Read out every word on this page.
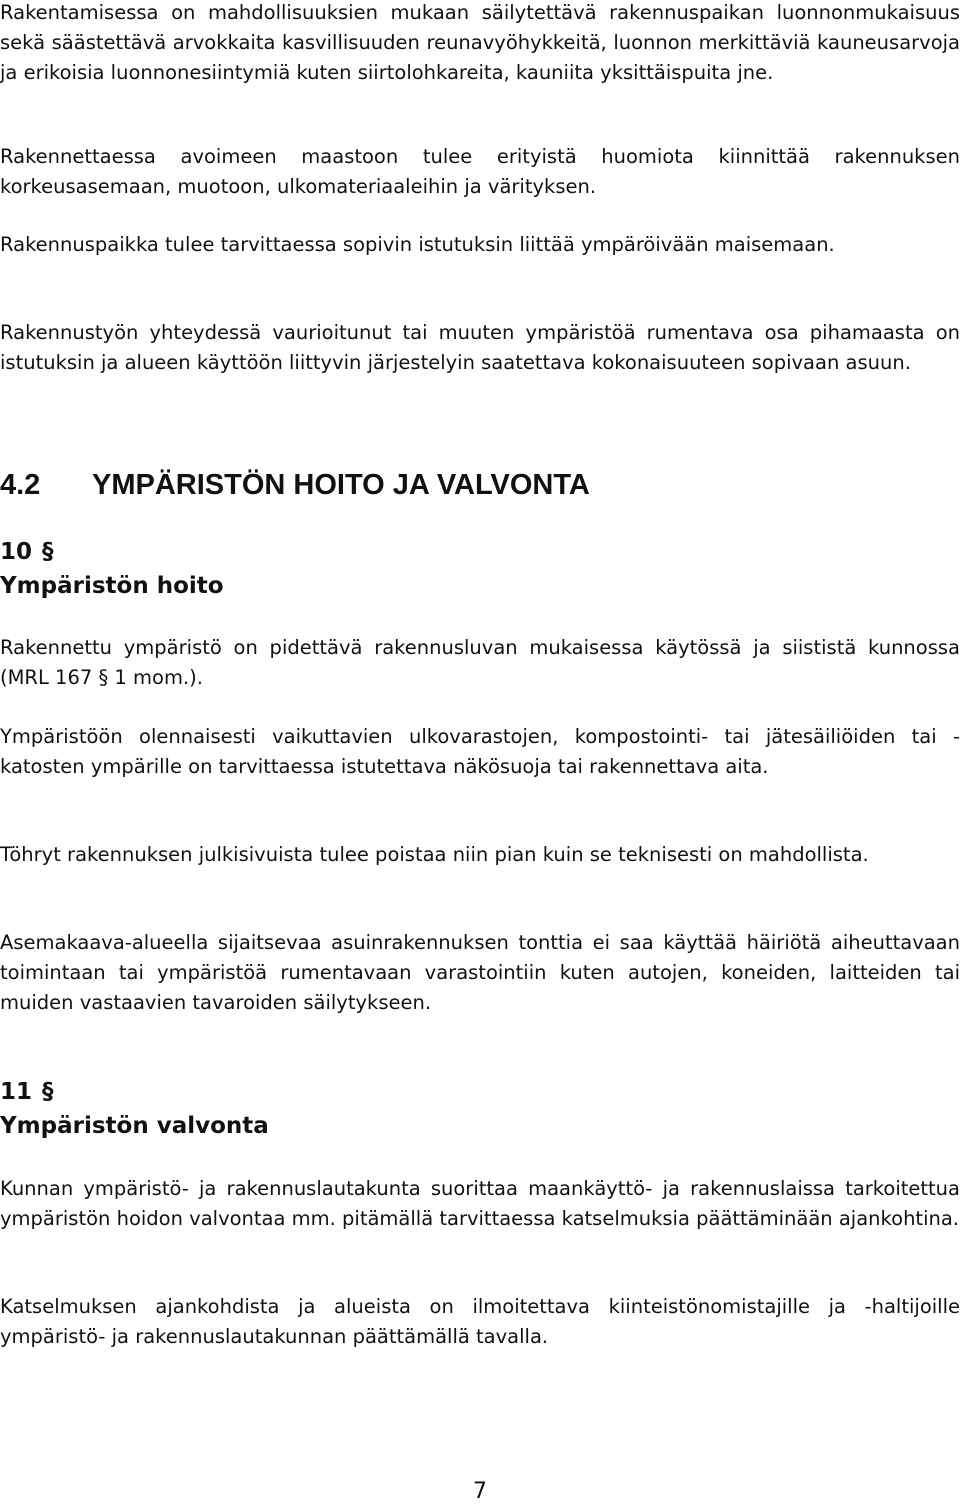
Rakentamisessa on mahdollisuuksien mukaan säilytettävä rakennuspaikan luonnonmukaisuus sekä säästettävä arvokkaita kasvillisuuden reunavyöhykkeitä, luonnon merkittäviä kauneusarvoja ja erikoisia luonnonesiintymiä kuten siirtolohkareita, kauniita yksittäispuita jne.

Rakennettaessa avoimeen maastoon tulee erityistä huomiota kiinnittää rakennuksen korkeusasemaan, muotoon, ulkomateriaaleihin ja värityksen.

Rakennuspaikka tulee tarvittaessa sopivin istutuksin liittää ympäröivään maisemaan.

Rakennustyön yhteydessä vaurioitunut tai muuten ympäristöä rumentava osa pihamaasta on istutuksin ja alueen käyttöön liittyvin järjestelyin saatettava kokonaisuuteen sopivaan asuun.

4.2 YMPÄRISTÖN HOITO JA VALVONTA
10 §
Ympäristön hoito

Rakennettu ympäristö on pidettävä rakennusluvan mukaisessa käytössä ja siististä kunnossa (MRL 167 § 1 mom.).

Ympäristöön olennaisesti vaikuttavien ulkovarastojen, kompostointi- tai jätesäiliöiden tai -katosten ympärille on tarvittaessa istutettava näkösuoja tai rakennettava aita.

Töhryt rakennuksen julkisivuista tulee poistaa niin pian kuin se teknisesti on mahdollista.

Asemakaava-alueella sijaitsevaa asuinrakennuksen tonttia ei saa käyttää häiriötä aiheuttavaan toimintaan tai ympäristöä rumentavaan varastointiin kuten autojen, koneiden, laitteiden tai muiden vastaavien tavaroiden säilytykseen.

11 §
Ympäristön valvonta

Kunnan ympäristö- ja rakennuslautakunta suorittaa maankäyttö- ja rakennuslaissa tarkoitettua ympäristön hoidon valvontaa mm. pitämällä tarvittaessa katselmuksia päättäminään ajankohtina.

Katselmuksen ajankohdista ja alueista on ilmoitettava kiinteistönomistajille ja -haltijoille ympäristö- ja rakennuslautakunnan päättämällä tavalla.

7
